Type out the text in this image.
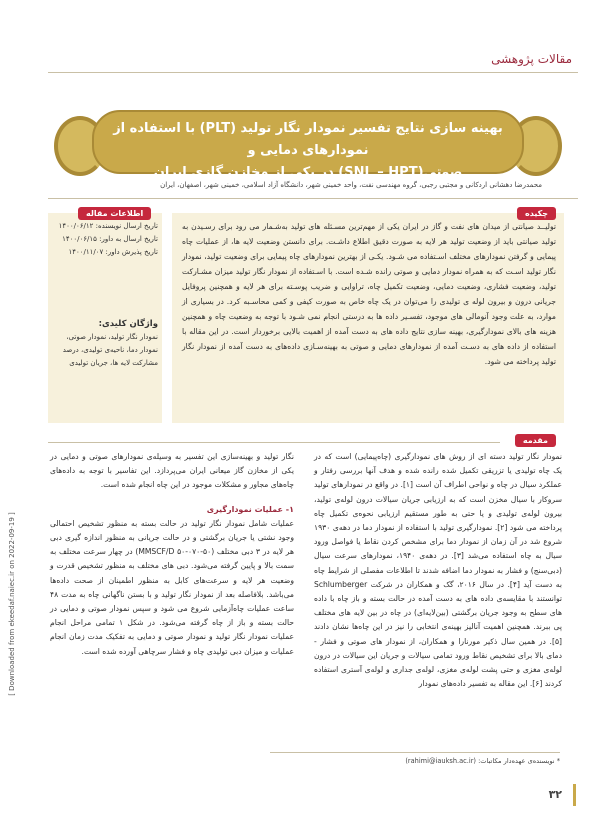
مقالات پژوهشی
بهینه سازی نتایج تفسیر نمودار نگار تولید (PLT) با استفاده از نمودارهای دمایی و
صوتی(SNL – HPT) در یکی از مخازن گازی ایران
محمدرضا دهشانی اردکانی و مجتبی رجبی، گروه مهندسی نفت، واحد خمینی شهر، دانشگاه آزاد اسلامی، خمینی شهر، اصفهان، ایران
چکیده
تولیــد صیانتی از میدان های نفت و گاز در ایران یکی از مهم‌ترین مسـئله های تولید به‌شـمار می رود برای رسـیدن به تولید صیانتی باید از وضعیت تولید هر لایه به صورت دقیق اطلاع داشـت. برای دانستن وضعیت لایه ها، از عملیات چاه پیمایی و گرفتن نمودارهای مختلف اسـتفاده می شـود. یکـی از بهترین نمودارهای چاه پیمایی برای وضعیت تولید، نمودار نگار تولید اسـت که به همراه نمودار دمایی و صوتی رانده شـده است. با اسـتفاده از نمودار نگار تولید میزان مشـارکت تولید، وضعیت فشاری، وضعیت دمایی، وضعیت تکمیل چاه، تراوایی و ضریب پوسـته برای هر لایه و همچنین پروفایل جریانی درون و بیرون لوله ی تولیدی را می‌توان در یک چاه خاص به صورت کیفی و کمی محاسـبه کرد. در بسیاری از موارد، به علت وجود آنومالی های موجود، تفسـیر داده ها به درستی انجام نمی شـود با توجه به وضعیت چاه و همچنین هزینه های بالای نمودارگیری، بهینه سازی نتایج داده های به دست آمده از اهمیت بالایی برخوردار است. در این مقاله با استفاده از داده های به دسـت آمده از نمودارهای دمایی و صوتی به بهینه‌سـازی داده‌های به دست آمده از نمودار نگار تولید پرداخته می شود.
اطلاعات مقاله
تاریخ ارسال نویسنده: ۱۴۰۰/۰۶/۱۲
تاریخ ارسال به داور: ۱۴۰۰/۰۶/۱۵
تاریخ پذیرش داور: ۱۴۰۰/۱۱/۰۷
واژگان کلیدی:
نمودار نگار تولید، نمودار صوتی، نمودار دما، ناحیه‌ی تولیدی، درصد مشارکت لایه ها، جریان تولیدی
مقدمه
نمودار نگار تولید دسته ای از روش های نمودارگیری (چاه‌پیمایی) است که در یک چاه تولیدی یا تزریقی تکمیل شده رانده شده و هدف آنها بررسی رفتار و عملکرد سیال در چاه و نواحی اطراف آن است [۱]. در واقع در نمودارهای تولید سروکار با سیال مخزن است که به ارزیابی جریان سیالات درون لوله‌ی تولید، بیرون لوله‌ی تولیدی و یا حتی به طور مستقیم ارزیابی نحوه‌ی تکمیل چاه پرداخته می شود [۲]. نمودارگیری تولید با استفاده از نمودار دما در دهه‌ی ۱۹۳۰ شروع شد در آن زمان از نمودار دما برای مشخص کردن نقاط یا فواصل ورود سیال به چاه استفاده می‌شد [۳]. در دهه‌ی ۱۹۴۰، نمودارهای سرعت سیال (دبی‌سنج) و فشار به نمودار دما اضافه شدند تا اطلاعات مفصلی از شرایط چاه به دست آید [۴]. در سال ۲۰۱۶، گک و همکاران در شرکت Schlumberger توانستند با مقایسه‌ی داده های به دست آمده در حالت بسته و باز چاه با داده های سطح به وجود جریان برگشتی (بین‌لایه‌ای) در چاه در بین لایه های مختلف پی ببرند. همچنین اهمیت آنالیز بهینه‌ی انتخابی را نیز در این چاه‌ها نشان دادند [۵]. در همین سال ذکیر مورنارا و همکاران، از نمودار های صوتی و فشار - دمای بالا برای تشخیص نقاط ورود تمامی سیالات و جریان این سیالات در درون لوله‌ی مغزی و حتی پشت لوله‌ی مغزی، لوله‌ی جداری و لوله‌ی آستری استفاده کردند [۶]. این مقاله به تفسیر داده‌های نمودار
نگار تولید و بهینه‌سازی این تفسیر به وسیله‌ی نمودارهای صوتی و دمایی در یکی از مخازن گاز میعانی ایران می‌پردازد. این تفاسیر با توجه به داده‌های چاه‌های مجاور و مشکلات موجود در این چاه انجام شده است.
۱- عملیات نمودارگیری
عملیات شامل نمودار نگار تولید در حالت بسته به منظور تشخیص احتمالی وجود نشتی یا جریان برگشتی و در حالت جریانی به منظور اندازه گیری دبی هر لایه در ۳ دبی مختلف (۵۰-۰۷۰-۵۰ MMSCF/D) در چهار سرعت مختلف به سمت بالا و پایین گرفته می‌شود. دبی های مختلف به منظور تشخیص قدرت و وضعیت هر لایه و سرعت‌های کابل به منظور اطمینان از صحت داده‌ها می‌باشد. بلافاصله بعد از نمودار نگار تولید و با بستن ناگهانی چاه به مدت ۴۸ ساعت عملیات چاه‌آزمایی شروع می شود و سپس نمودار صوتی و دمایی در حالت بسته و باز از چاه گرفته می‌شود. در شکل ۱ تمامی مراحل انجام عملیات نمودار نگار تولید و نمودار صوتی و دمایی به تفکیک مدت زمان انجام عملیات و میزان دبی تولیدی چاه و فشار سرچاهی آورده شده است.
* نویسنده‌ی عهده‌دار مکاتبات: (rahimi@iauksh.ac.ir)
[ Downloaded from ekeedaf.naiec.ir on 2022-09-19 ]
۳۲
